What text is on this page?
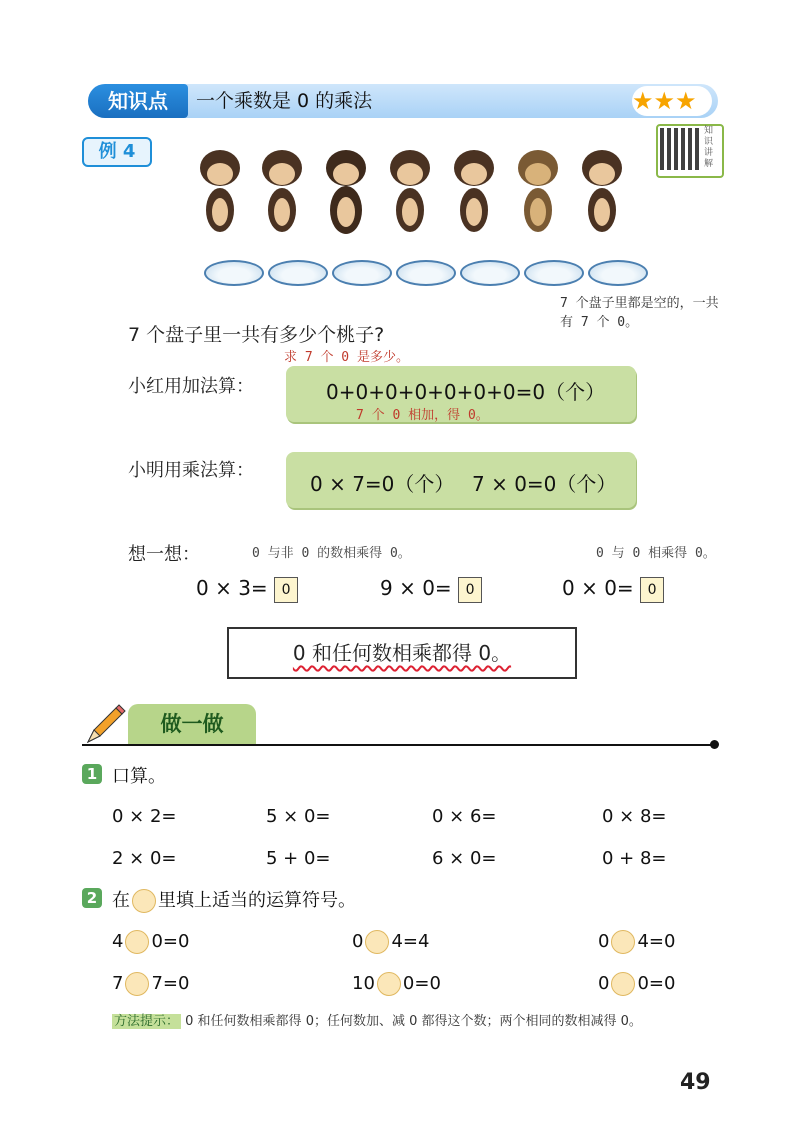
知识点	一个乘数是 0 的乘法	★★★
例 4
知识讲解
7 个盘子里都是空的，一共有 7 个 0。
7 个盘子里一共有多少个桃子?
求 7 个 0 是多少。
小红用加法算：	0+0+0+0+0+0+0=0（个）
7 个 0 相加，得 0。
小明用乘法算：
0 × 7=0（个） 7 × 0=0（个）
想一想：	0 与非 0 的数相乘得 0。	0 与 0 相乘得 0。
0 × 3= 0	9 × 0= 0	0 × 0= 0
0 和任何数相乘都得 0。
做一做
1 口算。
0 × 2=	5 × 0=	0 × 6=	0 × 8=
2 × 0=	5 + 0=	6 × 0=	0 + 8=
2 在 里填上适当的运算符号。
4 0=0	0 4=4	0 4=0
7 7=0	10 0=0	0 0=0
方法提示： 0 和任何数相乘都得 0；任何数加、减 0 都得这个数；两个相同的数相减得 0。
49
